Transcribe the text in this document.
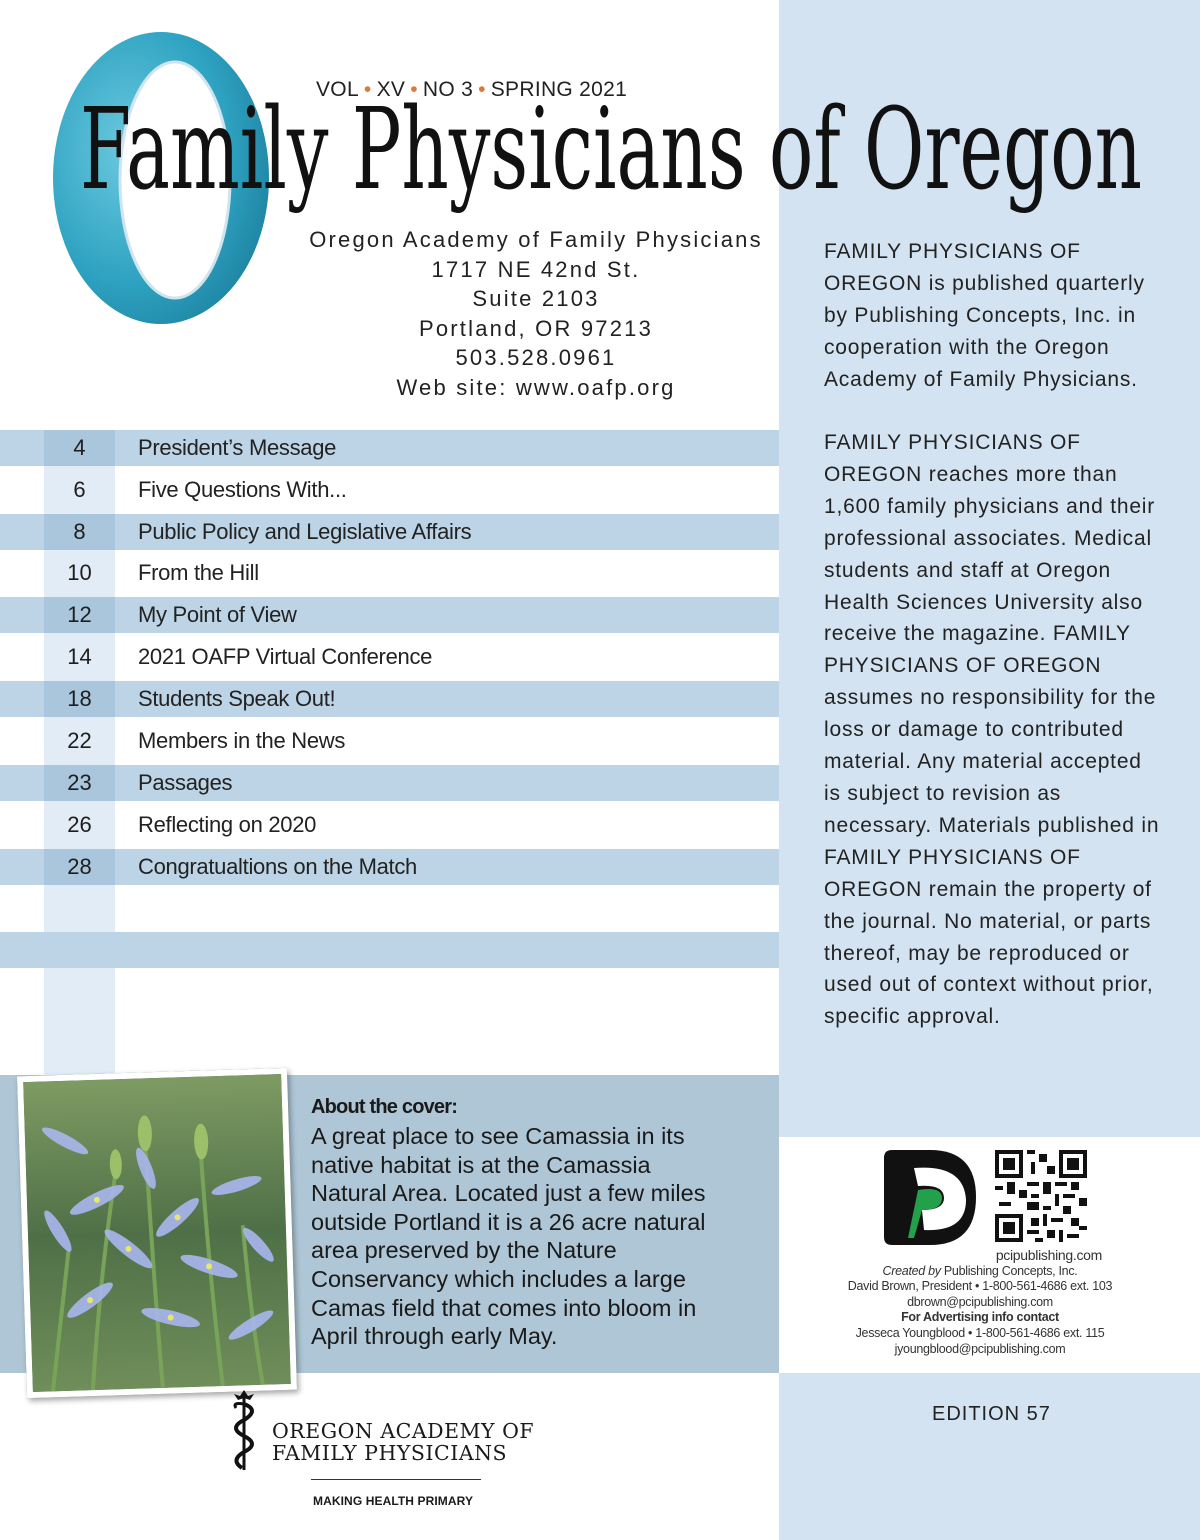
VOL • XV • NO 3 • SPRING 2021
Family Physicians of Oregon
Oregon Academy of Family Physicians
1717 NE 42nd St.
Suite 2103
Portland, OR 97213
503.528.0961
Web site: www.oafp.org
4	President’s Message
6	Five Questions With...
8	Public Policy and Legislative Affairs
10	From the Hill
12	My Point of View
14	2021 OAFP Virtual Conference
18	Students Speak Out!
22	Members in the News
23	Passages
26	Reflecting on 2020
28	Congratualtions on the Match
About the cover:
A great place to see Camassia in its native habitat is at the Camassia Natural Area. Located just a few miles outside Portland it is a 26 acre natural area preserved by the Nature Conservancy which includes a large Camas field that comes into bloom in April through early May.
FAMILY PHYSICIANS OF OREGON is published quarterly by Publishing Concepts, Inc. in cooperation with the Oregon Academy of Family Physicians.
FAMILY PHYSICIANS OF OREGON reaches more than 1,600 family physicians and their professional associates. Medical students and staff at Oregon Health Sciences University also receive the magazine. FAMILY PHYSICIANS OF OREGON assumes no responsibility for the loss or damage to contributed material. Any material accepted is subject to revision as necessary. Materials published in FAMILY PHYSICIANS OF OREGON remain the property of the journal. No material, or parts thereof, may be reproduced or used out of context without prior, specific approval.
pcipublishing.com
Created by Publishing Concepts, Inc.
David Brown, President • 1-800-561-4686 ext. 103
dbrown@pcipublishing.com
For Advertising info contact
Jesseca Youngblood • 1-800-561-4686 ext. 115
jyoungblood@pcipublishing.com
EDITION 57
OREGON ACADEMY OF
FAMILY PHYSICIANS
MAKING HEALTH PRIMARY
